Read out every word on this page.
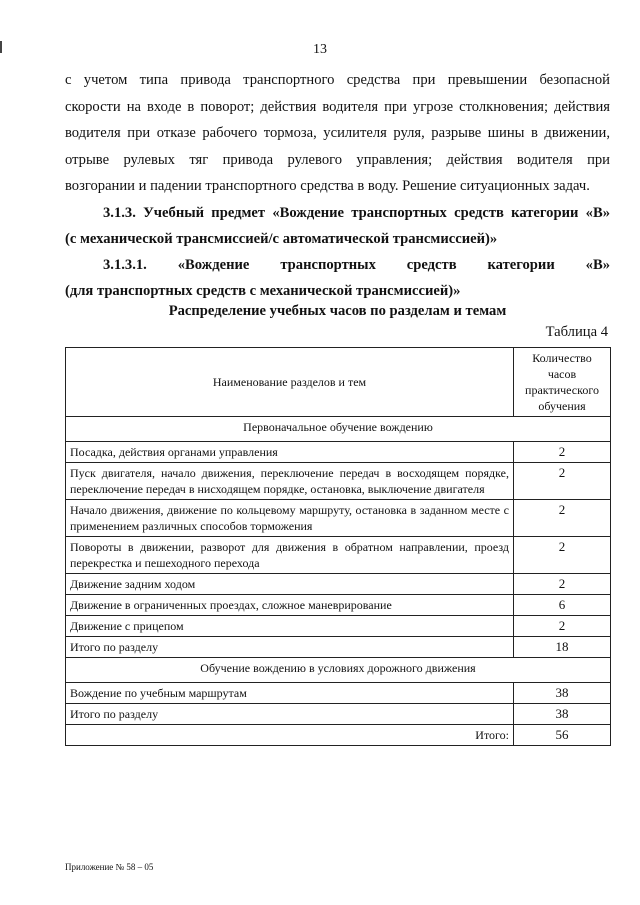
13
с учетом типа привода транспортного средства при превышении безопасной
скорости на входе в поворот; действия водителя при угрозе столкновения; действия
водителя при отказе рабочего тормоза, усилителя руля, разрыве шины в движении,
отрыве рулевых тяг привода рулевого управления; действия водителя при
возгорании и падении транспортного средства в воду. Решение ситуационных задач.
3.1.3. Учебный предмет «Вождение транспортных средств категории «В»
(с механической трансмиссией/с автоматической трансмиссией)»
3.1.3.1. «Вождение транспортных средств категории «В»
(для транспортных средств с механической трансмиссией)»
Распределение учебных часов по разделам и темам
Таблица 4
Наименование разделов и тем	Количество часов практического обучения
Первоначальное обучение вождению	
Посадка, действия органами управления	2
Пуск двигателя, начало движения, переключение передач в восходящем порядке, переключение передач в нисходящем порядке, остановка, выключение двигателя	2
Начало движения, движение по кольцевому маршруту, остановка в заданном месте с применением различных способов торможения	2
Повороты в движении, разворот для движения в обратном направлении, проезд перекрестка и пешеходного перехода	2
Движение задним ходом	2
Движение в ограниченных проездах, сложное маневрирование	6
Движение с прицепом	2
Итого по разделу	18
Обучение вождению в условиях дорожного движения	
Вождение по учебным маршрутам	38
Итого по разделу	38
Итого:	56
Приложение № 58 – 05
